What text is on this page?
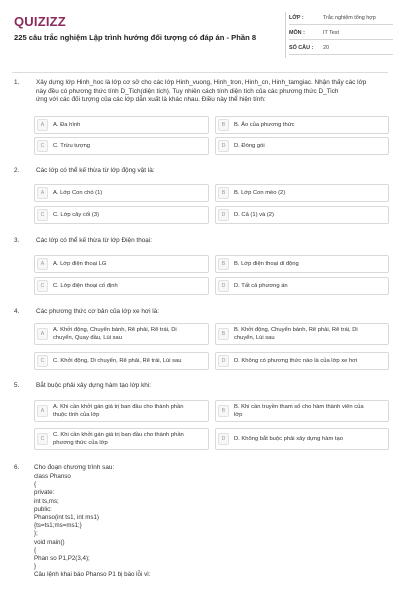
QUIZIZZ
225 câu trắc nghiệm Lập trình hướng đối tượng có đáp án - Phần 8
LỚP :	Trắc nghiệm tổng hợp
MÔN :	IT Test
SỐ CÂU : 20
1.	Xây dựng lớp Hinh_hoc là lớp cơ sở cho các lớp Hinh_vuong, Hinh_tron, Hinh_cn, Hinh_tamgiac. Nhận thấy các lớp
này đều có phương thức tính D_Tich(diện tích). Tuy nhiên cách tính diện tích của các phương thức D_Tich
ứng với các đối tượng của các lớp dẫn xuất là khác nhau. Điều này thể hiện tính:
A	A. Đa hình	B	B. Ảo của phương thức
C	C. Trừu tượng	D	D. Đóng gói
2.	Các lớp có thể kế thừa từ lớp động vật là:
A	A. Lớp Con chó (1)	B	B. Lớp Con mèo (2)
C	C. Lớp cây cối (3)	D	D. Cả (1) và (2)
3.	Các lớp có thể kế thừa từ lớp Điện thoại:
A	A. Lớp điện thoại LG	B	B. Lớp điện thoại di động
C	C. Lớp điện thoại cố định	D	D. Tất cả phương án
4.	Các phương thức cơ bản của lớp xe hơi là:
A
A. Khởi động, Chuyển bánh, Rẽ phải, Rẽ trái, Di
chuyển, Quay đầu, Lùi sau
B
B. Khởi động, Chuyển bánh, Rẽ phải, Rẽ trái, Di
chuyển, Lùi sau
C	C. Khởi động, Di chuyển, Rẽ phải, Rẽ trái, Lùi sau	D	D. Không có phương thức nào là của lớp xe hơi
5.	Bắt buộc phải xây dựng hàm tạo lớp khi:
A
A. Khi cần khởi gán giá trị ban đầu cho thành phần
thuộc tính của lớp
B
B. Khi cần truyền tham số cho hàm thành viên của
lớp
C
C. Khi cần khởi gán giá trị ban đầu cho thành phần
phương thức của lớp
D	D. Không bắt buộc phải xây dựng hàm tạo
6. Cho đoạn chương trình sau:
class Phanso
{
private:
int ts,ms;
public:
Phanso(int ts1, int ms1)
{ts=ts1;ms=ms1;}
};
void main()
{
Phan so P1,P2(3,4);
}
Câu lệnh khai báo Phanso P1 bị báo lỗi vì:
